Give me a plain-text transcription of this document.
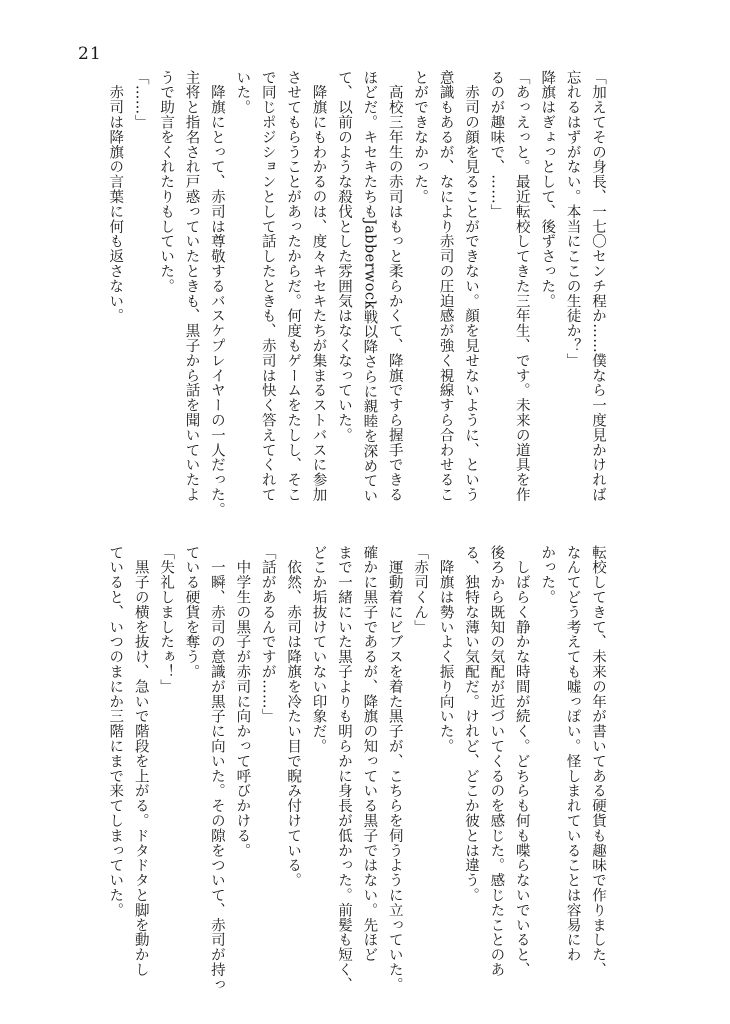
21
「加えてその身長、一七〇センチ程か……僕なら一度見かければ
忘れるはずがない。本当にここの生徒か？」
降旗はぎょっとして、後ずさった。
「あっえっと。最近転校してきた三年生、です。未来の道具を作
るのが趣味で、……」
　赤司の顔を見ることができない。顔を見せないように、という
意識もあるが、なにより赤司の圧迫感が強く視線すら合わせるこ
とができなかった。
　高校三年生の赤司はもっと柔らかくて、降旗ですら握手できる
ほどだ。キセキたちもJabberwock戦以降さらに親睦を深めてい
て、以前のような殺伐とした雰囲気はなくなっていた。
　降旗にもわかるのは、度々キセキたちが集まるストバスに参加
させてもらうことがあったからだ。何度もゲームをたしし、そこ
で同じポジションとして話したときも、赤司は快く答えてくれて
いた。
　降旗にとって、赤司は尊敬するバスケプレイヤーの一人だった。
主将と指名され戸惑っていたときも、黒子から話を聞いていたよ
うで助言をくれたりもしていた。
「……」
　赤司は降旗の言葉に何も返さない。
転校してきて、未来の年が書いてある硬貨も趣味で作りました、
なんてどう考えても嘘っぽい。怪しまれていることは容易にわ
かった。
　しばらく静かな時間が続く。どちらも何も喋らないでいると、
後ろから既知の気配が近づいてくるのを感じた。感じたことのあ
る、独特な薄い気配だ。けれど、どこか彼とは違う。
　降旗は勢いよく振り向いた。
「赤司くん」
　運動着にビブスを着た黒子が、こちらを伺うように立っていた。
確かに黒子であるが、降旗の知っている黒子ではない。先ほど
まで一緒にいた黒子よりも明らかに身長が低かった。前髪も短く、
どこか垢抜けていない印象だ。
　依然、赤司は降旗を冷たい目で睨み付けている。
「話があるんですが……」
　中学生の黒子が赤司に向かって呼びかける。
　一瞬、赤司の意識が黒子に向いた。その隙をついて、赤司が持っ
ている硬貨を奪う。
「失礼しましたぁ！」
　黒子の横を抜け、急いで階段を上がる。ドタドタと脚を動かし
ていると、いつのまにか三階にまで来てしまっていた。
